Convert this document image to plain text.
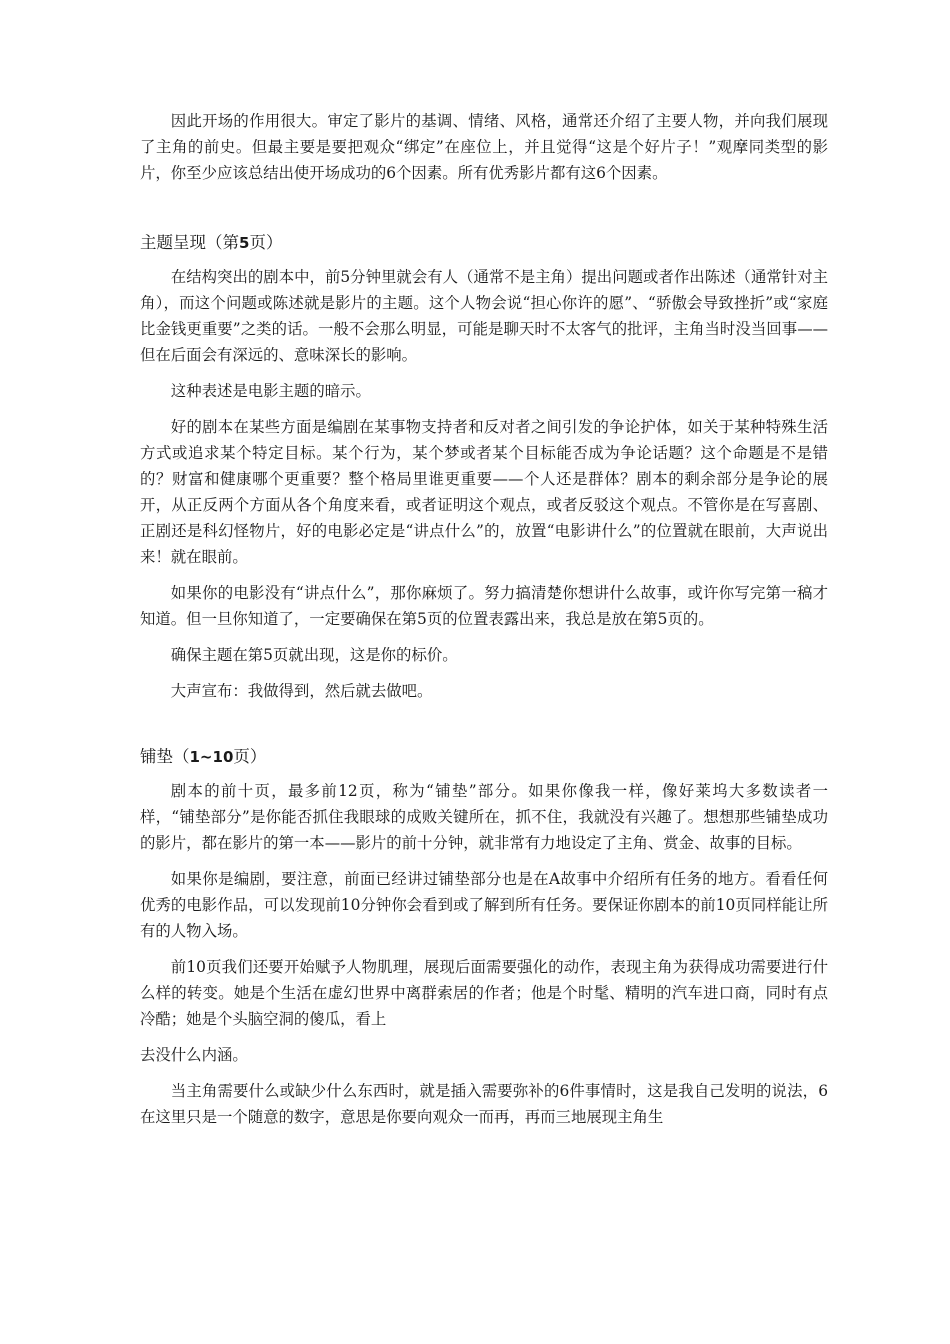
因此开场的作用很大。审定了影片的基调、情绪、风格，通常还介绍了主要人物，并向我们展现了主角的前史。但最主要是要把观众“绑定”在座位上，并且觉得“这是个好片子！”观摩同类型的影片，你至少应该总结出使开场成功的6个因素。所有优秀影片都有这6个因素。

主题呈现（第5页）

在结构突出的剧本中，前5分钟里就会有人（通常不是主角）提出问题或者作出陈述（通常针对主角），而这个问题或陈述就是影片的主题。这个人物会说“担心你许的愿”、“骄傲会导致挫折”或“家庭比金钱更重要”之类的话。一般不会那么明显，可能是聊天时不太客气的批评，主角当时没当回事——但在后面会有深远的、意味深长的影响。

这种表述是电影主题的暗示。

好的剧本在某些方面是编剧在某事物支持者和反对者之间引发的争论护体，如关于某种特殊生活方式或追求某个特定目标。某个行为，某个梦或者某个目标能否成为争论话题？这个命题是不是错的？财富和健康哪个更重要？整个格局里谁更重要——个人还是群体？剧本的剩余部分是争论的展开，从正反两个方面从各个角度来看，或者证明这个观点，或者反驳这个观点。不管你是在写喜剧、正剧还是科幻怪物片，好的电影必定是“讲点什么”的，放置“电影讲什么”的位置就在眼前，大声说出来！就在眼前。

如果你的电影没有“讲点什么”，那你麻烦了。努力搞清楚你想讲什么故事，或许你写完第一稿才知道。但一旦你知道了，一定要确保在第5页的位置表露出来，我总是放在第5页的。

确保主题在第5页就出现，这是你的标价。

大声宣布：我做得到，然后就去做吧。

铺垫（1~10页）

剧本的前十页，最多前12页，称为“铺垫”部分。如果你像我一样，像好莱坞大多数读者一样，“铺垫部分”是你能否抓住我眼球的成败关键所在，抓不住，我就没有兴趣了。想想那些铺垫成功的影片，都在影片的第一本——影片的前十分钟，就非常有力地设定了主角、赏金、故事的目标。

如果你是编剧，要注意，前面已经讲过铺垫部分也是在A故事中介绍所有任务的地方。看看任何优秀的电影作品，可以发现前10分钟你会看到或了解到所有任务。要保证你剧本的前10页同样能让所有的人物入场。

前10页我们还要开始赋予人物肌理，展现后面需要强化的动作，表现主角为获得成功需要进行什么样的转变。她是个生活在虚幻世界中离群索居的作者；他是个时髦、精明的汽车进口商，同时有点冷酷；她是个头脑空洞的傻瓜，看上

去没什么内涵。

当主角需要什么或缺少什么东西时，就是插入需要弥补的6件事情时，这是我自己发明的说法，6在这里只是一个随意的数字，意思是你要向观众一而再，再而三地展现主角生
